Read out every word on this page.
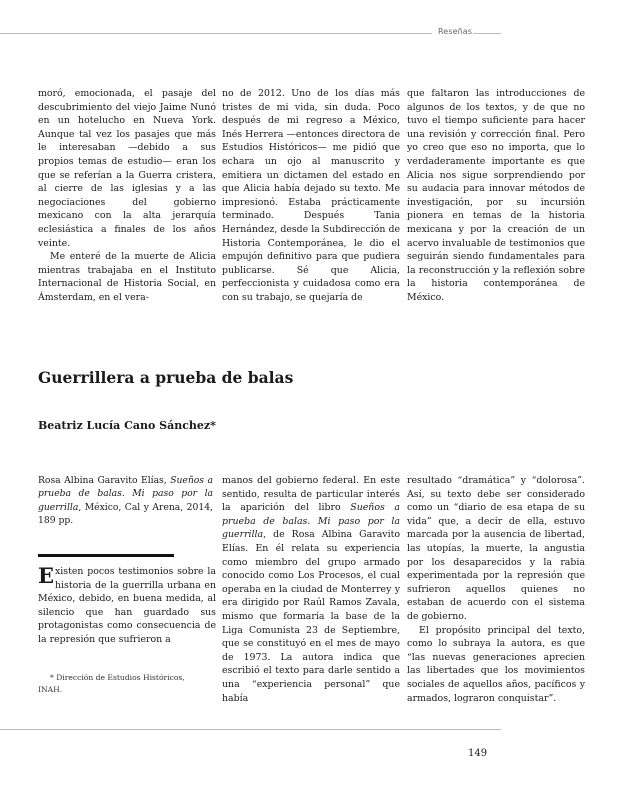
Reseñas

moró, emocionada, el pasaje del descubrimiento del viejo Jaime Nunó en un hotelucho en Nueva York. Aunque tal vez los pasajes que más le interesaban —debido a sus propios temas de estudio— eran los que se referían a la Guerra cristera, al cierre de las iglesias y a las negociaciones del gobierno mexicano con la alta jerarquía eclesiástica a finales de los años veinte.

Me enteré de la muerte de Alicia mientras trabajaba en el Instituto Internacional de Historia Social, en Ámsterdam, en el vera-

no de 2012. Uno de los días más tristes de mi vida, sin duda. Poco después de mi regreso a México, Inés Herrera —entonces directora de Estudios Históricos— me pidió que echara un ojo al manuscrito y emitiera un dictamen del estado en que Alicia había dejado su texto. Me impresionó. Estaba prácticamente terminado. Después Tania Hernández, desde la Subdirección de Historia Contemporánea, le dio el empujón definitivo para que pudiera publicarse. Sé que Alicia, perfeccionista y cuidadosa como era con su trabajo, se quejaría de

que faltaron las introducciones de algunos de los textos, y de que no tuvo el tiempo suficiente para hacer una revisión y corrección final. Pero yo creo que eso no importa, que lo verdaderamente importante es que Alicia nos sigue sorprendiendo por su audacia para innovar métodos de investigación, por su incursión pionera en temas de la historia mexicana y por la creación de un acervo invaluable de testimonios que seguirán siendo fundamentales para la reconstrucción y la reflexión sobre la historia contemporánea de México.

Guerrillera a prueba de balas
Beatriz Lucía Cano Sánchez*
Rosa Albina Garavito Elías, Sueños a prueba de balas. Mi paso por la guerrilla, México, Cal y Arena, 2014, 189 pp.

Existen pocos testimonios sobre la historia de la guerrilla urbana en México, debido, en buena medida, al silencio que han guardado sus protagonistas como consecuencia de la represión que sufrieron a

* Dirección de Estudios Históricos,
INAH.

manos del gobierno federal. En este sentido, resulta de particular interés la aparición del libro Sueños a prueba de balas. Mi paso por la guerrilla, de Rosa Albina Garavito Elías. En él relata su experiencia como miembro del grupo armado conocido como Los Procesos, el cual operaba en la ciudad de Monterrey y era dirigido por Raúl Ramos Zavala, mismo que formaría la base de la Liga Comunista 23 de Septiembre, que se constituyó en el mes de mayo de 1973. La autora indica que escribió el texto para darle sentido a una “experiencia personal” que había

resultado “dramática” y “dolorosa”. Así, su texto debe ser considerado como un “diario de esa etapa de su vida” que, a decir de ella, estuvo marcada por la ausencia de libertad, las utopías, la muerte, la angustia por los desaparecidos y la rabia experimentada por la represión que sufrieron aquellos quienes no estaban de acuerdo con el sistema de gobierno.

El propósito principal del texto, como lo subraya la autora, es que “las nuevas generaciones aprecien las libertades que los movimientos sociales de aquellos años, pacíficos y armados, lograron conquistar”.

149
